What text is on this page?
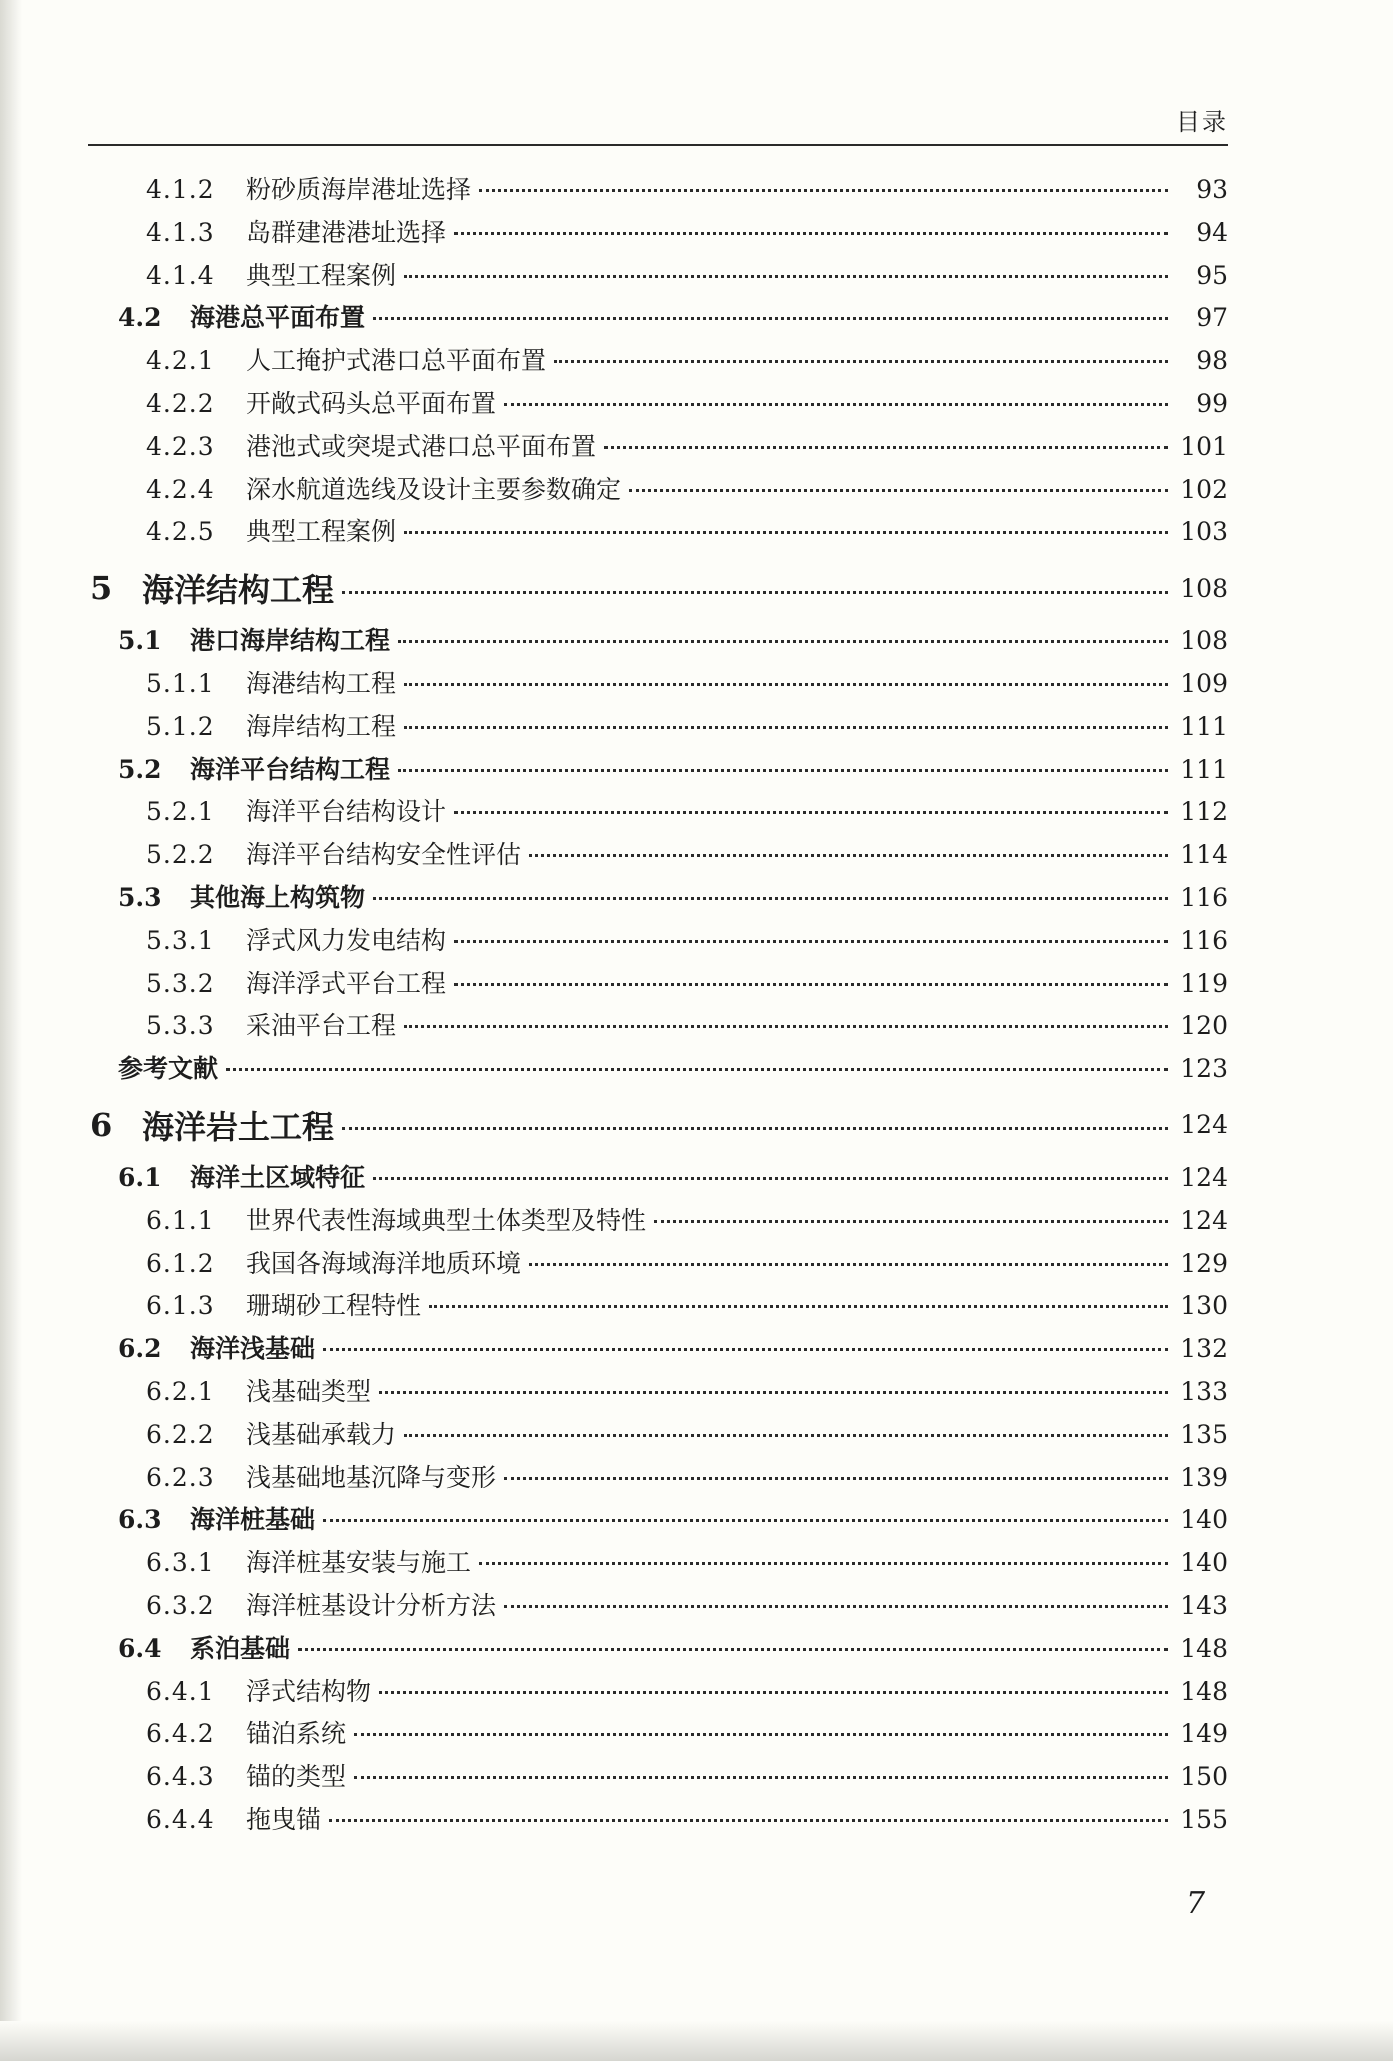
目录
4.1.2	粉砂质海岸港址选择	93
4.1.3	岛群建港港址选择	94
4.1.4	典型工程案例	95
4.2	海港总平面布置	97
4.2.1	人工掩护式港口总平面布置	98
4.2.2	开敞式码头总平面布置	99
4.2.3	港池式或突堤式港口总平面布置	101
4.2.4	深水航道选线及设计主要参数确定	102
4.2.5	典型工程案例	103
5 海洋结构工程	108
5.1	港口海岸结构工程	108
5.1.1	海港结构工程	109
5.1.2	海岸结构工程	111
5.2	海洋平台结构工程	111
5.2.1	海洋平台结构设计	112
5.2.2	海洋平台结构安全性评估	114
5.3	其他海上构筑物	116
5.3.1	浮式风力发电结构	116
5.3.2	海洋浮式平台工程	119
5.3.3	采油平台工程	120
参考文献	123
6 海洋岩土工程	124
6.1	海洋土区域特征	124
6.1.1	世界代表性海域典型土体类型及特性	124
6.1.2	我国各海域海洋地质环境	129
6.1.3	珊瑚砂工程特性	130
6.2	海洋浅基础	132
6.2.1	浅基础类型	133
6.2.2	浅基础承载力	135
6.2.3	浅基础地基沉降与变形	139
6.3	海洋桩基础	140
6.3.1	海洋桩基安装与施工	140
6.3.2	海洋桩基设计分析方法	143
6.4	系泊基础	148
6.4.1	浮式结构物	148
6.4.2	锚泊系统	149
6.4.3	锚的类型	150
6.4.4	拖曳锚	155
7
